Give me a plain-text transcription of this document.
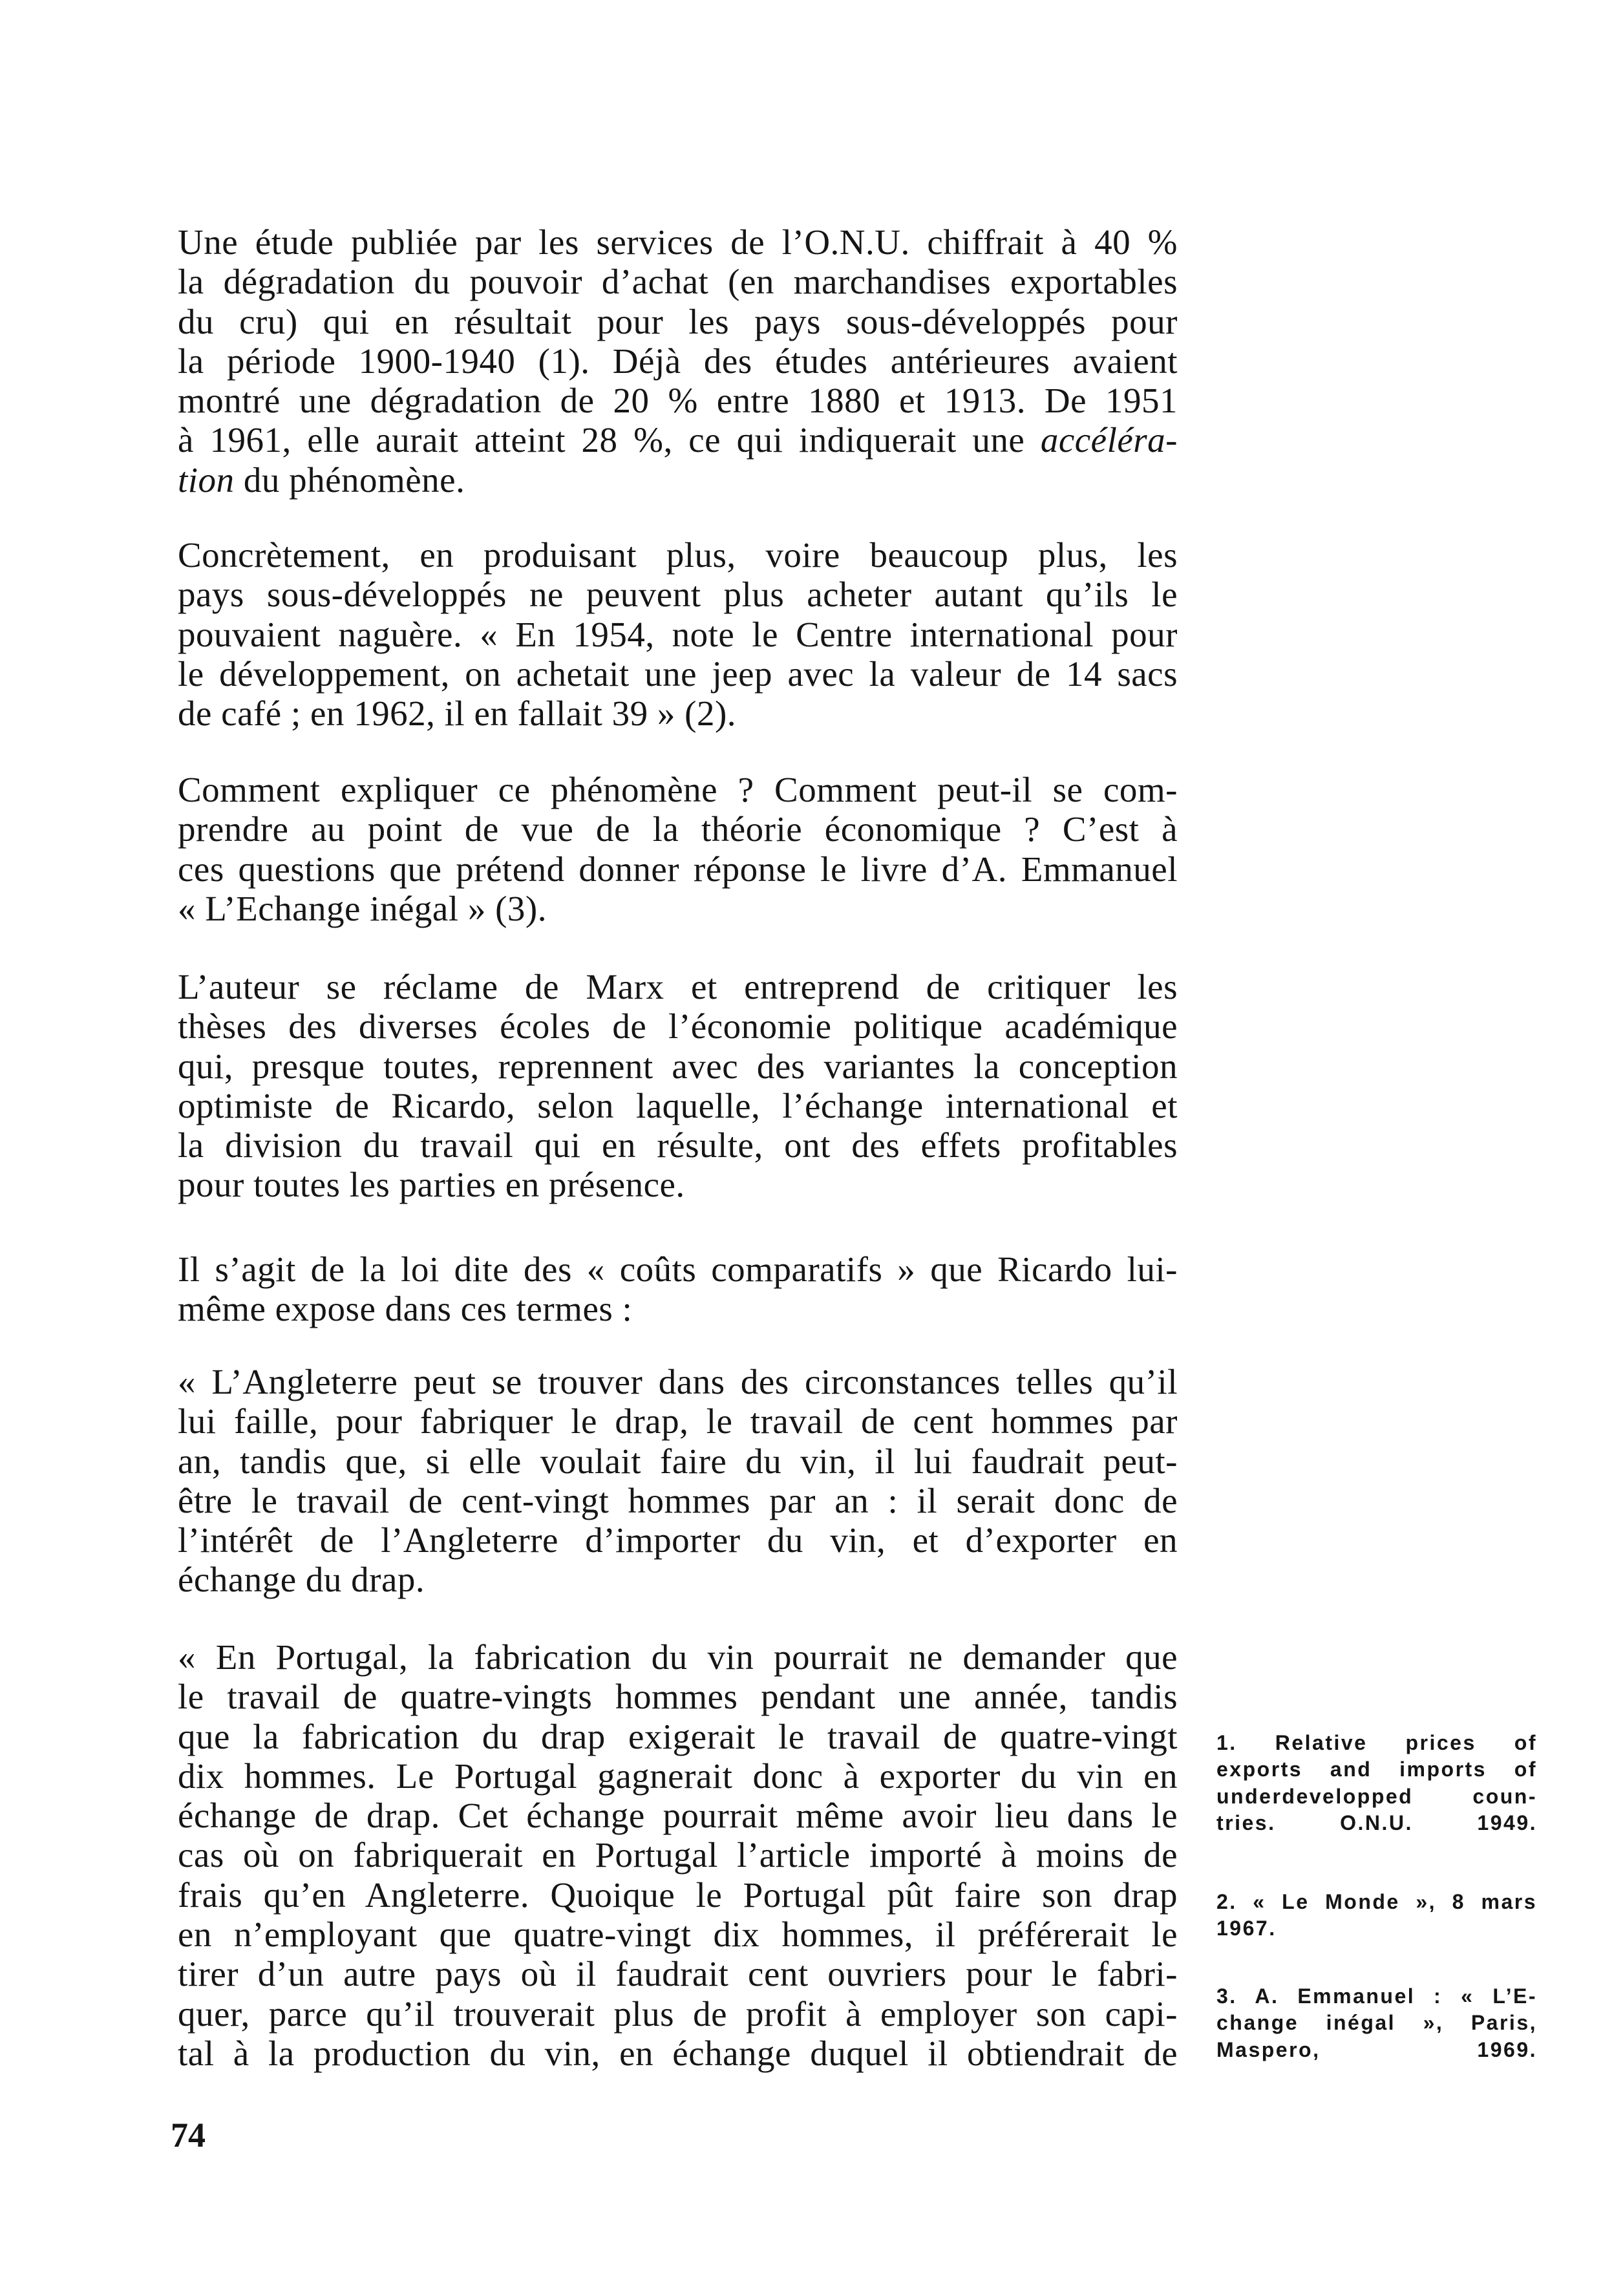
Une étude publiée par les services de l’O.N.U. chiffrait à 40 %
la dégradation du pouvoir d’achat (en marchandises exportables
du cru) qui en résultait pour les pays sous-développés pour
la période 1900-1940 (1). Déjà des études antérieures avaient
montré une dégradation de 20 % entre 1880 et 1913. De 1951
à 1961, elle aurait atteint 28 %, ce qui indiquerait une accéléra-
tion du phénomène.
Concrètement, en produisant plus, voire beaucoup plus, les
pays sous-développés ne peuvent plus acheter autant qu’ils le
pouvaient naguère. « En 1954, note le Centre international pour
le développement, on achetait une jeep avec la valeur de 14 sacs
de café ; en 1962, il en fallait 39 » (2).
Comment expliquer ce phénomène ? Comment peut-il se com-
prendre au point de vue de la théorie économique ? C’est à
ces questions que prétend donner réponse le livre d’A. Emmanuel
« L’Echange inégal » (3).
L’auteur se réclame de Marx et entreprend de critiquer les
thèses des diverses écoles de l’économie politique académique
qui, presque toutes, reprennent avec des variantes la conception
optimiste de Ricardo, selon laquelle, l’échange international et
la division du travail qui en résulte, ont des effets profitables
pour toutes les parties en présence.
Il s’agit de la loi dite des « coûts comparatifs » que Ricardo lui-
même expose dans ces termes :
« L’Angleterre peut se trouver dans des circonstances telles qu’il
lui faille, pour fabriquer le drap, le travail de cent hommes par
an, tandis que, si elle voulait faire du vin, il lui faudrait peut-
être le travail de cent-vingt hommes par an : il serait donc de
l’intérêt de l’Angleterre d’importer du vin, et d’exporter en
échange du drap.
« En Portugal, la fabrication du vin pourrait ne demander que
le travail de quatre-vingts hommes pendant une année, tandis
que la fabrication du drap exigerait le travail de quatre-vingt
dix hommes. Le Portugal gagnerait donc à exporter du vin en
échange de drap. Cet échange pourrait même avoir lieu dans le
cas où on fabriquerait en Portugal l’article importé à moins de
frais qu’en Angleterre. Quoique le Portugal pût faire son drap
en n’employant que quatre-vingt dix hommes, il préférerait le
tirer d’un autre pays où il faudrait cent ouvriers pour le fabri-
quer, parce qu’il trouverait plus de profit à employer son capi-
tal à la production du vin, en échange duquel il obtiendrait de
1. Relative prices of
exports and imports of
underdevelopped coun-
tries. O.N.U. 1949.
2. « Le Monde », 8 mars
1967.
3. A. Emmanuel : « L’E-
change inégal », Paris,
Maspero, 1969.
74
